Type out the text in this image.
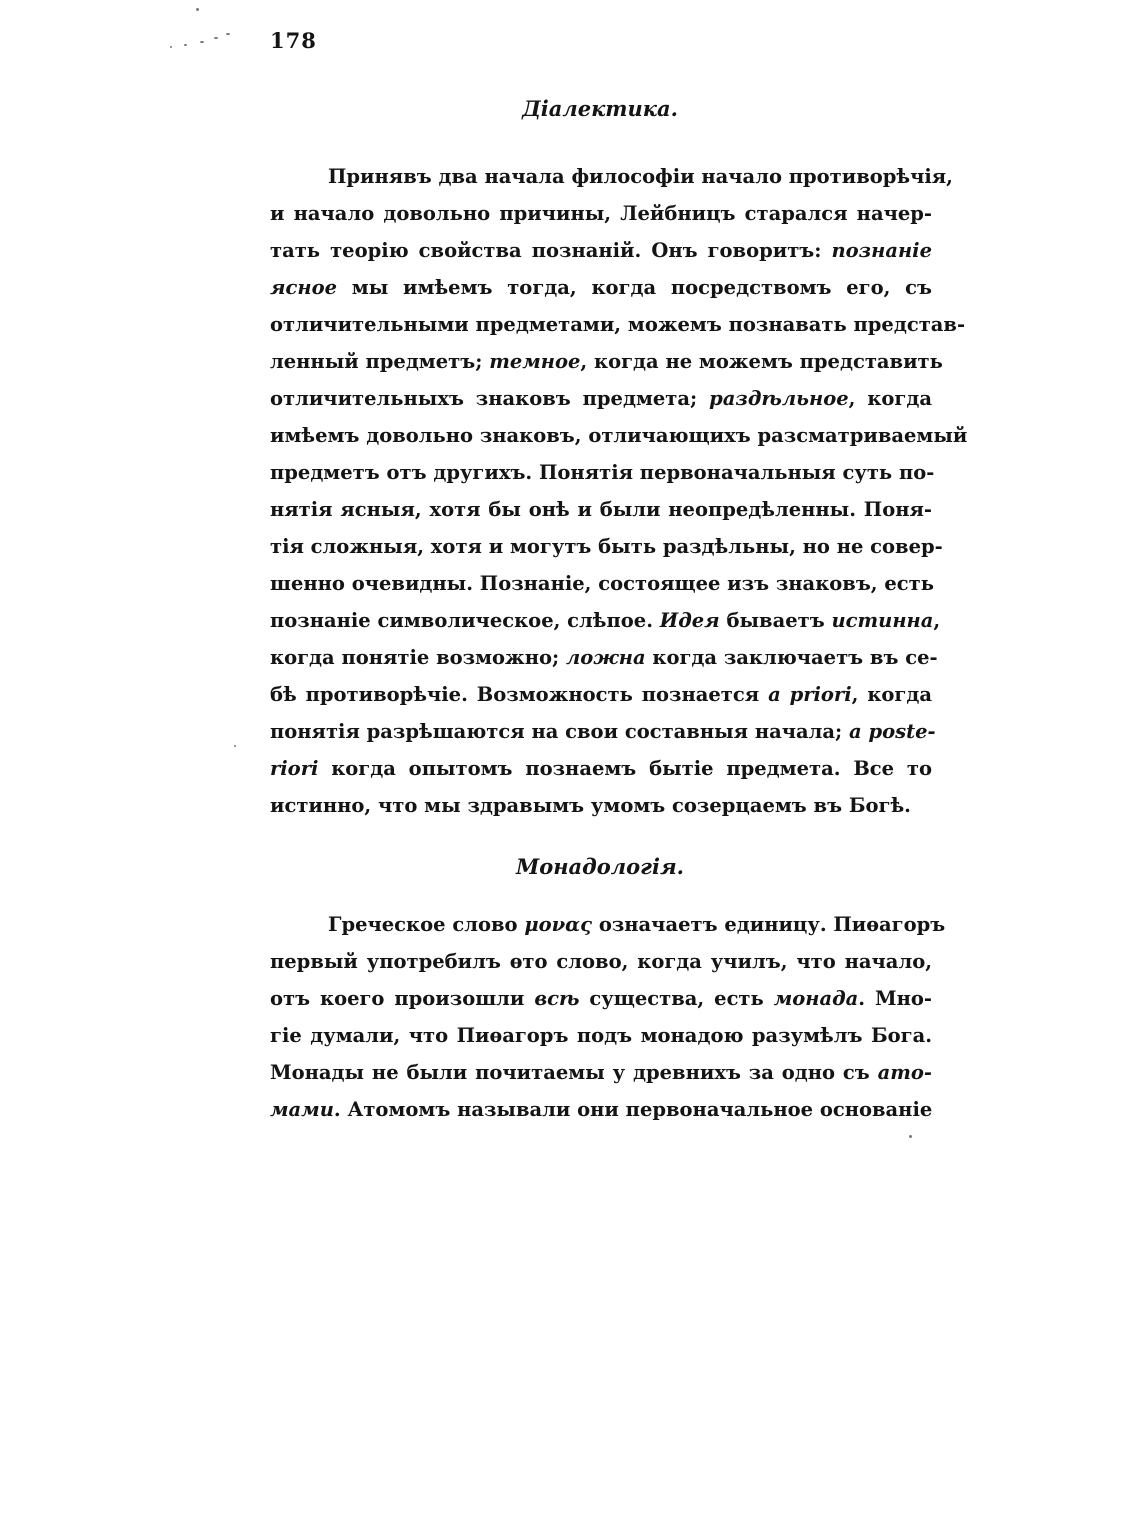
178
Діалектика.
Принявъ два начала философіи начало противорѣчія,
и начало довольно причины, Лейбницъ старался начер-
тать теорію свойства познаній. Онъ говоритъ: познаніе
ясное мы имѣемъ тогда, когда посредствомъ его, съ
отличительными предметами, можемъ познавать представ-
ленный предметъ; темное, когда не можемъ представить
отличительныхъ знаковъ предмета; раздѣльное, когда
имѣемъ довольно знаковъ, отличающихъ разсматриваемый
предметъ отъ другихъ. Понятія первоначальныя суть по-
нятія ясныя, хотя бы онѣ и были неопредѣленны. Поня-
тія сложныя, хотя и могутъ быть раздѣльны, но не совер-
шенно очевидны. Познаніе, состоящее изъ знаковъ, есть
познаніе символическое, слѣпое. Идея бываетъ истинна,
когда понятіе возможно; ложна когда заключаетъ въ се-
бѣ противорѣчіе. Возможность познается a priori, когда
понятія разрѣшаются на свои составныя начала; a poste-
riori когда опытомъ познаемъ бытіе предмета. Все то
истинно, что мы здравымъ умомъ созерцаемъ въ Богѣ.
Монадологія.
Греческое слово μονας означаетъ единицу. Пиѳагоръ
первый употребилъ ѳто слово, когда училъ, что начало,
отъ коего произошли всѣ существа, есть монада. Мно-
гіе думали, что Пиѳагоръ подъ монадою разумѣлъ Бога.
Монады не были почитаемы у древнихъ за одно съ ато-
мами. Атомомъ называли они первоначальное основаніе
